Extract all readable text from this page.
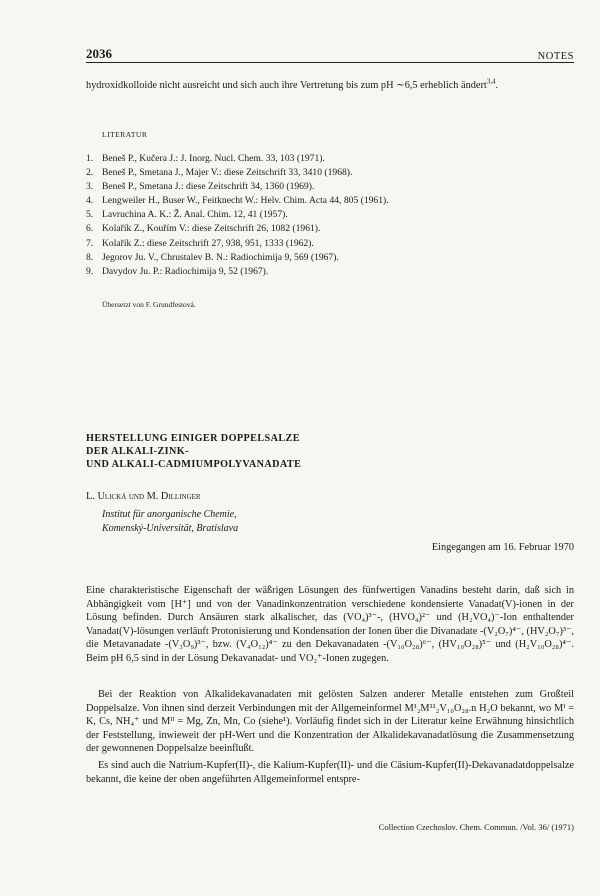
2036	NOTES

hydroxidkolloide nicht ausreicht und sich auch ihre Vertretung bis zum pH ∼6,5 erheblich ändert$^{3,4}$.

LITERATUR
1. Beneš P., Kučera J.: J. Inorg. Nucl. Chem. 33, 103 (1971).
2. Beneš P., Smetana J., Majer V.: diese Zeitschrift 33, 3410 (1968).
3. Beneš P., Smetana J.: diese Zeitschrift 34, 1360 (1969).
4. Lengweiler H., Buser W., Feitknecht W.: Helv. Chim. Acta 44, 805 (1961).
5. Lavruchina A. K.: Ž. Anal. Chim. 12, 41 (1957).
6. Kolařík Z., Kouřím V.: diese Zeitschrift 26, 1082 (1961).
7. Kolařík Z.: diese Zeitschrift 27, 938, 951, 1333 (1962).
8. Jegorov Ju. V., Chrustalev B. N.: Radiochimija 9, 569 (1967).
9. Davydov Ju. P.: Radiochimija 9, 52 (1967).
Übersetzt von F. Grundfestová.
HERSTELLUNG EINIGER DOPPELSALZE
DER ALKALI-ZINK-
UND ALKALI-CADMIUMPOLYVANADATE
L. Ulická und M. Dillinger
Institut für anorganische Chemie,
Komenský-Universität, Bratislava
Eingegangen am 16. Februar 1970

Eine charakteristische Eigenschaft der wäßrigen Lösungen des fünfwertigen Vanadins besteht darin, daß sich in Abhängigkeit vom [H⁺] und von der Vanadinkonzentration verschiedene kondensierte Vanadat(V)-ionen in der Lösung befinden. Durch Ansäuren stark alkalischer, das (VO₄)³⁻-, (HVO₄)²⁻ und (H₂VO₄)⁻-Ion enthaltender Vanadat(V)-lösungen verläuft Protonisierung und Kondensation der Ionen über die Divanadate -(V₂O₇)⁴⁻, (HV₂O₇)³⁻, die Metavanadate -(V₃O₉)³⁻, bzw. (V₄O₁₂)⁴⁻ zu den Dekavanadaten -(V₁₀O₂₈)⁶⁻, (HV₁₀O₂₈)⁵⁻ und (H₂V₁₀O₂₈)⁴⁻. Beim pH 6,5 sind in der Lösung Dekavanadat- und VO₂⁺-Ionen zugegen.

Bei der Reaktion von Alkalidekavanadaten mit gelösten Salzen anderer Metalle entstehen zum Großteil Doppelsalze. Von ihnen sind derzeit Verbindungen mit der Allgemeinformel M¹₂M¹¹₂V₁₀O₂₈.n H₂O bekannt, wo Mᴵ = K, Cs, NH₄⁺ und Mᴵᴵ = Mg, Zn, Mn, Co (siehe¹). Vorläufig findet sich in der Literatur keine Erwähnung hinsichtlich der Feststellung, inwieweit der pH-Wert und die Konzentration der Alkalidekavanadatlösung die Zusammensetzung der gewonnenen Doppelsalze beeinflußt.

Es sind auch die Natrium-Kupfer(II)-, die Kalium-Kupfer(II)- und die Cäsium-Kupfer(II)-Dekavanadatdoppelsalze bekannt, die keine der oben angeführten Allgemeinformel entspre-

Collection Czechoslov. Chem. Commun. /Vol. 36/ (1971)
